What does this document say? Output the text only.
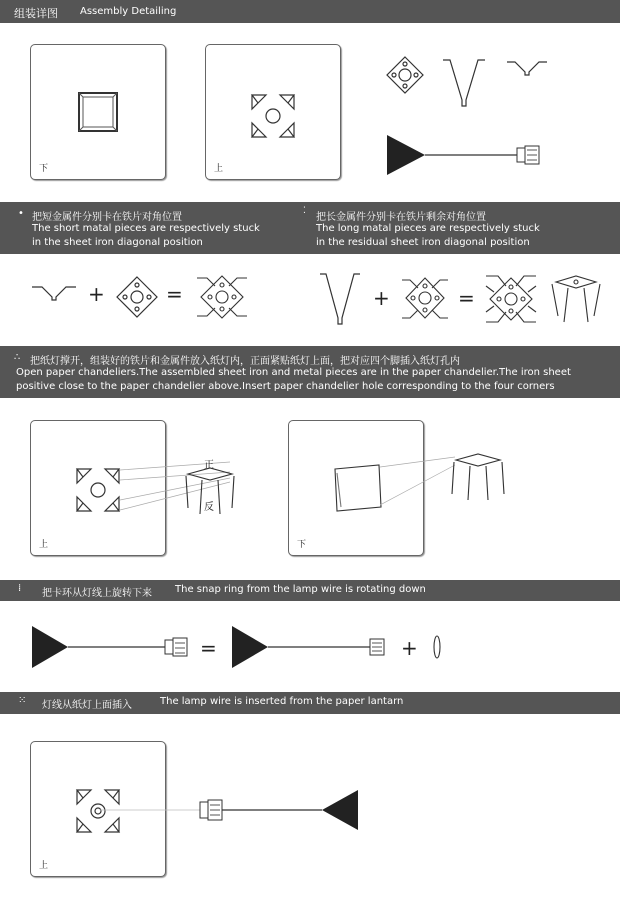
组装详图 Assembly Detailing
下	上
• 把短金属件分别卡在铁片对角位置
The short matal pieces are respectively stuck
in the sheet iron diagonal position
⁚
把长金属件分别卡在铁片剩余对角位置
The long matal pieces are respectively stuck
in the residual sheet iron diagonal position
+	=	+	=
∴ 把纸灯撑开，组装好的铁片和金属件放入纸灯内，正面紧贴纸灯上面，把对应四个脚插入纸灯孔内
Open paper chandeliers.The assembled sheet iron and metal pieces are in the paper chandelier.The iron sheet
positive close to the paper chandelier above.Insert paper chandelier hole corresponding to the four corners
上
正
反
下
⁞ 把卡环从灯线上旋转下来 The snap ring from the lamp wire is rotating down
=	+
⁙ 灯线从纸灯上面插入	The lamp wire is inserted from the paper lantarn
上
